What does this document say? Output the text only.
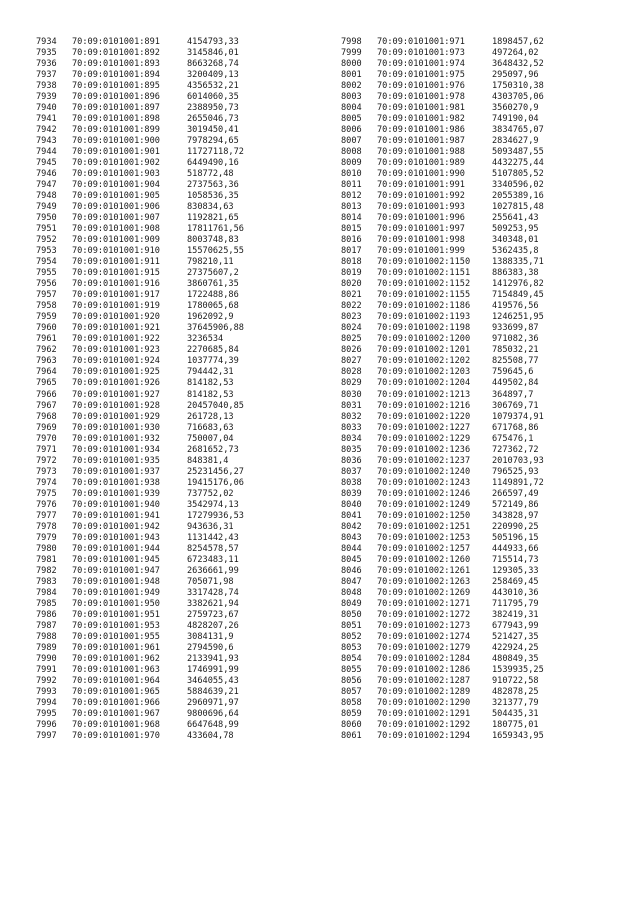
7934 70:09:0101001:891	4154793,33
7935 70:09:0101001:892	3145846,01
7936 70:09:0101001:893	8663268,74
7937 70:09:0101001:894	3200409,13
7938 70:09:0101001:895	4356532,21
7939 70:09:0101001:896	6014060,35
7940 70:09:0101001:897	2388950,73
7941 70:09:0101001:898	2655046,73
7942 70:09:0101001:899	3019450,41
7943 70:09:0101001:900	7978294,65
7944 70:09:0101001:901	11727118,72
7945 70:09:0101001:902	6449490,16
7946 70:09:0101001:903	518772,48
7947 70:09:0101001:904	2737563,36
7948 70:09:0101001:905	1058536,35
7949 70:09:0101001:906	830834,63
7950 70:09:0101001:907	1192821,65
7951 70:09:0101001:908	17811761,56
7952 70:09:0101001:909	8003748,83
7953 70:09:0101001:910	15570625,55
7954 70:09:0101001:911	798210,11
7955 70:09:0101001:915	27375607,2
7956 70:09:0101001:916	3860761,35
7957 70:09:0101001:917	1722488,86
7958 70:09:0101001:919	1780065,68
7959 70:09:0101001:920	1962092,9
7960 70:09:0101001:921	37645906,88
7961 70:09:0101001:922	3236534
7962 70:09:0101001:923	2270685,84
7963 70:09:0101001:924	1037774,39
7964 70:09:0101001:925	794442,31
7965 70:09:0101001:926	814182,53
7966 70:09:0101001:927	814182,53
7967 70:09:0101001:928	20457040,85
7968 70:09:0101001:929	261728,13
7969 70:09:0101001:930	716683,63
7970 70:09:0101001:932	750007,04
7971 70:09:0101001:934	2681652,73
7972 70:09:0101001:935	848381,4
7973 70:09:0101001:937	25231456,27
7974 70:09:0101001:938	19415176,06
7975 70:09:0101001:939	737752,02
7976 70:09:0101001:940	3542974,13
7977 70:09:0101001:941	17279936,53
7978 70:09:0101001:942	943636,31
7979 70:09:0101001:943	1131442,43
7980 70:09:0101001:944	8254578,57
7981 70:09:0101001:945	6723483,11
7982 70:09:0101001:947	2636661,99
7983 70:09:0101001:948	705071,98
7984 70:09:0101001:949	3317428,74
7985 70:09:0101001:950	3382621,94
7986 70:09:0101001:951	2759723,67
7987 70:09:0101001:953	4828207,26
7988 70:09:0101001:955	3084131,9
7989 70:09:0101001:961	2794590,6
7990 70:09:0101001:962	2133941,93
7991 70:09:0101001:963	1746991,99
7992 70:09:0101001:964	3464055,43
7993 70:09:0101001:965	5884639,21
7994 70:09:0101001:966	2960971,97
7995 70:09:0101001:967	9800696,64
7996 70:09:0101001:968	6647648,99
7997 70:09:0101001:970	433604,78
7998 70:09:0101001:971	1898457,62
7999 70:09:0101001:973	497264,02
8000 70:09:0101001:974	3648432,52
8001 70:09:0101001:975	295097,96
8002 70:09:0101001:976	1750310,38
8003 70:09:0101001:978	4303705,06
8004 70:09:0101001:981	3560270,9
8005 70:09:0101001:982	749190,04
8006 70:09:0101001:986	3834765,07
8007 70:09:0101001:987	2834627,9
8008 70:09:0101001:988	5093487,55
8009 70:09:0101001:989	4432275,44
8010 70:09:0101001:990	5107805,52
8011 70:09:0101001:991	3340596,02
8012 70:09:0101001:992	2055389,16
8013 70:09:0101001:993	1027815,48
8014 70:09:0101001:996	255641,43
8015 70:09:0101001:997	509253,95
8016 70:09:0101001:998	340348,01
8017 70:09:0101001:999	5362435,8
8018 70:09:0101002:1150	1388335,71
8019 70:09:0101002:1151	886383,38
8020 70:09:0101002:1152	1412976,82
8021 70:09:0101002:1155	7154849,45
8022 70:09:0101002:1186	419576,56
8023 70:09:0101002:1193	1246251,95
8024 70:09:0101002:1198	933699,87
8025 70:09:0101002:1200	971082,36
8026 70:09:0101002:1201	785032,21
8027 70:09:0101002:1202	825508,77
8028 70:09:0101002:1203	759645,6
8029 70:09:0101002:1204	449502,84
8030 70:09:0101002:1213	364897,7
8031 70:09:0101002:1216	306769,71
8032 70:09:0101002:1220	1079374,91
8033 70:09:0101002:1227	671768,86
8034 70:09:0101002:1229	675476,1
8035 70:09:0101002:1236	727362,72
8036 70:09:0101002:1237	2010703,93
8037 70:09:0101002:1240	796525,93
8038 70:09:0101002:1243	1149891,72
8039 70:09:0101002:1246	266597,49
8040 70:09:0101002:1249	572149,86
8041 70:09:0101002:1250	343828,97
8042 70:09:0101002:1251	220990,25
8043 70:09:0101002:1253	505196,15
8044 70:09:0101002:1257	444933,66
8045 70:09:0101002:1260	715514,73
8046 70:09:0101002:1261	129305,33
8047 70:09:0101002:1263	258469,45
8048 70:09:0101002:1269	443010,36
8049 70:09:0101002:1271	711795,79
8050 70:09:0101002:1272	382419,31
8051 70:09:0101002:1273	677943,99
8052 70:09:0101002:1274	521427,35
8053 70:09:0101002:1279	422924,25
8054 70:09:0101002:1284	480849,35
8055 70:09:0101002:1286	1539935,25
8056 70:09:0101002:1287	910722,58
8057 70:09:0101002:1289	482878,25
8058 70:09:0101002:1290	321377,79
8059 70:09:0101002:1291	504435,31
8060 70:09:0101002:1292	180775,01
8061 70:09:0101002:1294	1659343,95
